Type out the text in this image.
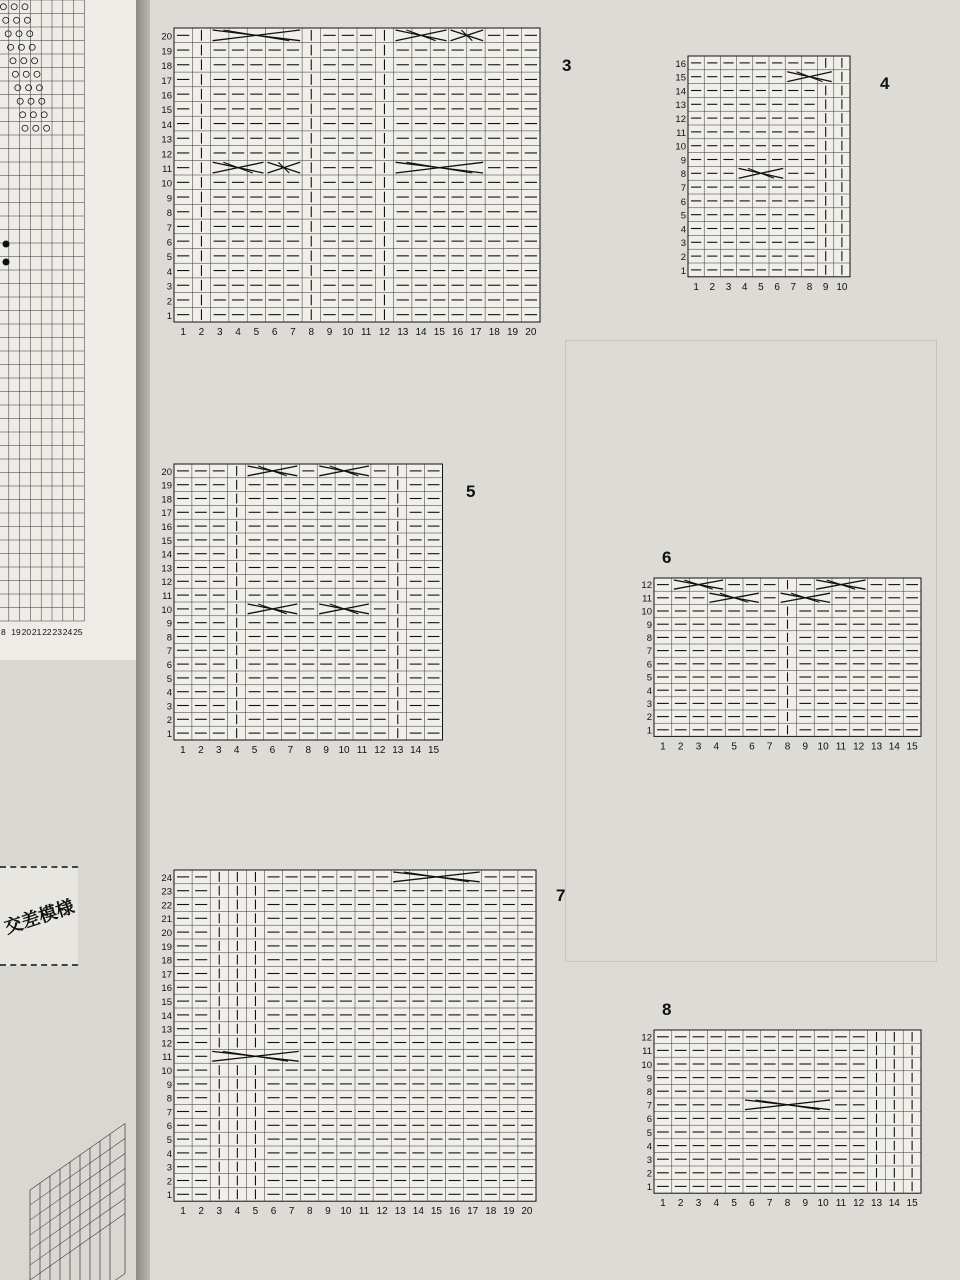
8 19 20 21 22 23 24 25
交差模様
1
2
3
4
5
6
7
8
9
10
11
12
13
14
15
16
17
18
19
20
1 2 3 4 5 6 7 8 9 10 11 12 13 14 15 16 17 18 19 20
3
1
2
3
4
5
6
7
8
9
10
11
12
13
14
15
16
1 2 3 4 5 6 7 8 9 10
4
1
2
3
4
5
6
7
8
9
10
11
12
13
14
15
16
17
18
19
20
1 2 3 4 5 6 7 8 9 10 11 12 13 14 15
5
1
2
3
4
5
6
7
8
9
10
11
12
1 2 3 4 5 6 7 8 9 10 11 12 13 14 15
6
1
2
3
4
5
6
7
8
9
10
11
12
13
14
15
16
17
18
19
20
21
22
23
24
1 2 3 4 5 6 7 8 9 10 11 12 13 14 15 16 17 18 19 20
7
1
2
3
4
5
6
7
8
9
10
11
12
1 2 3 4 5 6 7 8 9 10 11 12 13 14 15
8
